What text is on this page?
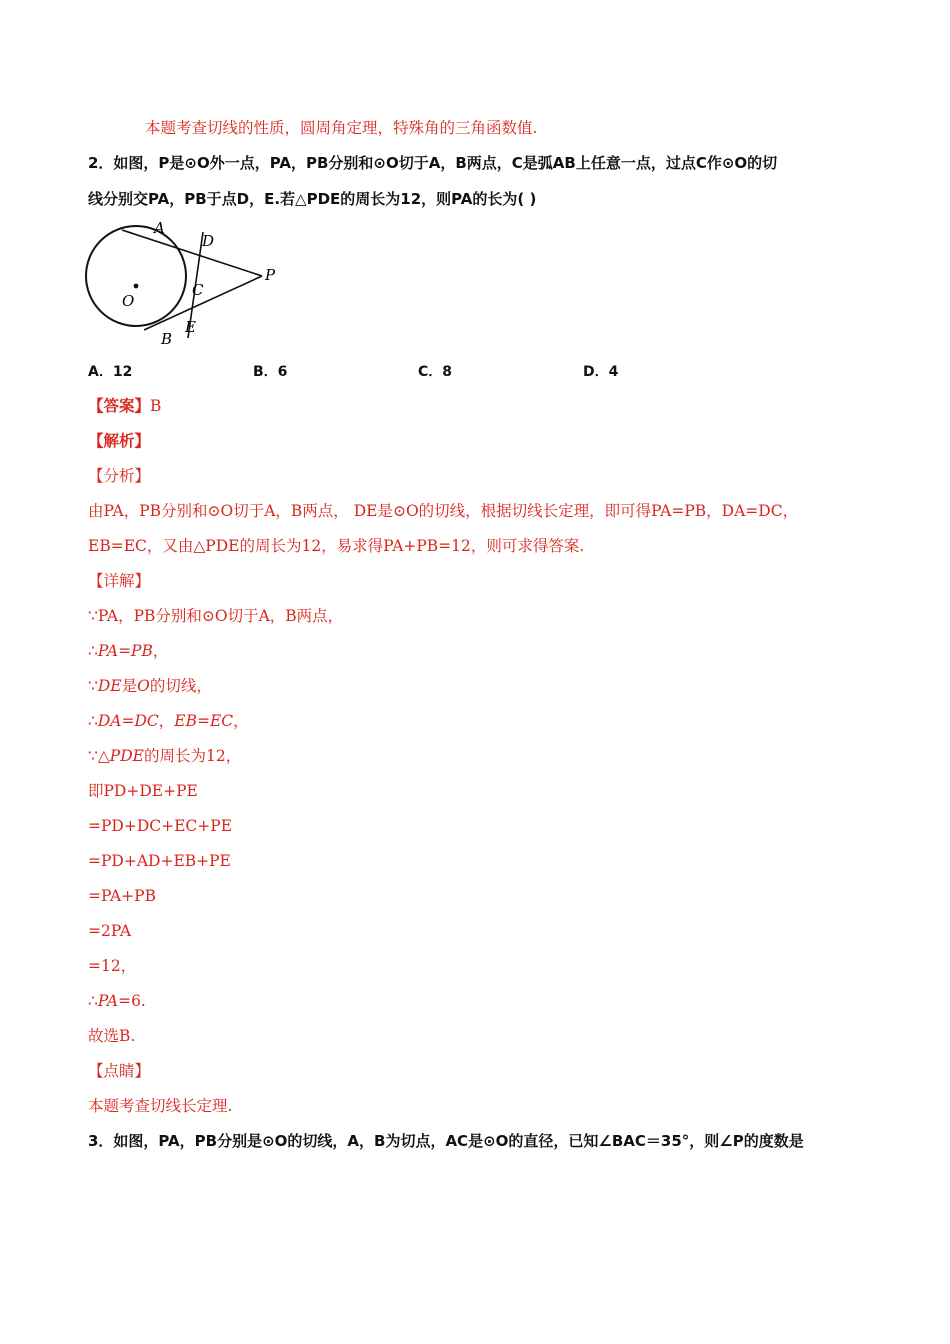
本题考查切线的性质，圆周角定理，特殊角的三角函数值.
2．如图，P是⊙O外一点，PA，PB分别和⊙O切于A，B两点，C是弧AB上任意一点，过点C作⊙O的切
线分别交PA，PB于点D，E.若△PDE的周长为12，则PA的长为( )
A
D
P
O
C
B
E
A．12	B．6	C．8	D．4
【答案】B
【解析】
【分析】
由PA，PB分别和⊙O切于A，B两点， DE是⊙O的切线，根据切线长定理，即可得PA=PB，DA=DC，
EB=EC，又由△PDE的周长为12，易求得PA+PB=12，则可求得答案.
【详解】
∵PA，PB分别和⊙O切于A，B两点，
∴PA=PB，
∵DE是O的切线，
∴DA=DC，EB=EC，
∵△PDE的周长为12，
即PD+DE+PE
=PD+DC+EC+PE
=PD+AD+EB+PE
=PA+PB
=2PA
=12，
∴PA=6.
故选B.
【点睛】
本题考查切线长定理.
3．如图，PA，PB分别是⊙O的切线，A，B为切点，AC是⊙O的直径，已知∠BAC＝35°，则∠P的度数是
